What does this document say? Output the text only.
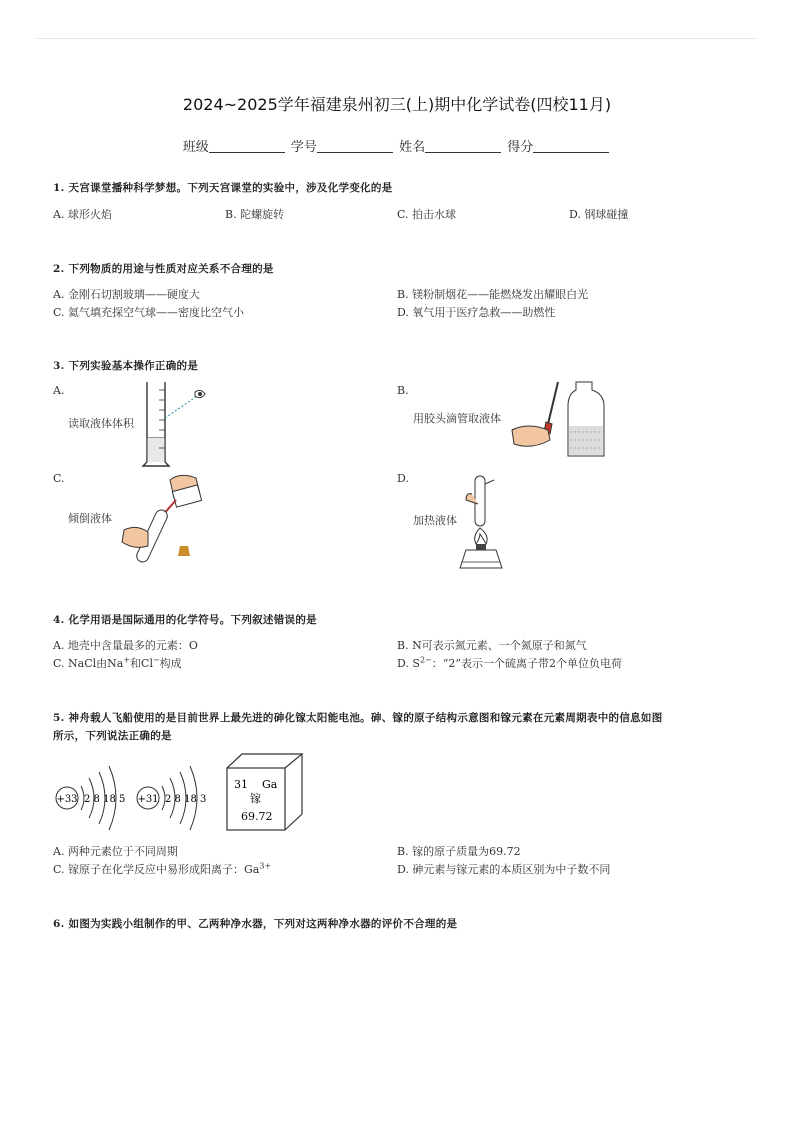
2024~2025学年福建泉州初三(上)期中化学试卷(四校11月)
班级	学号	姓名	得分
1. 天宫课堂播种科学梦想。下列天宫课堂的实验中，涉及化学变化的是
A. 球形火焰	B. 陀螺旋转	C. 拍击水球	D. 钢球碰撞
2. 下列物质的用途与性质对应关系不合理的是
A. 金刚石切割玻璃——硬度大	B. 镁粉制烟花——能燃烧发出耀眼白光
C. 氦气填充探空气球——密度比空气小	D. 氧气用于医疗急救——助燃性
3. 下列实验基本操作正确的是
A.	B.
C.	D.
读取液体体积	用胶头滴管取液体
倾倒液体	加热液体
4. 化学用语是国际通用的化学符号。下列叙述错误的是
A. 地壳中含量最多的元素：O	B. N可表示氮元素、一个氮原子和氮气
C. NaCl由Na+和Cl−构成	D. $S^{2-}$：“2”表示一个硫离子带2个单位负电荷
5. 神舟载人飞船使用的是目前世界上最先进的砷化镓太阳能电池。砷、镓的原子结构示意图和镓元素在元素周期表中的信息如图
所示，下列说法正确的是
+33 2 8 18 5 +31 2 8 18 3
31 Ga
镓
69.72
A. 两种元素位于不同周期	B. 镓的原子质量为69.72
C. 镓原子在化学反应中易形成阳离子：$Ga^{3+}$	D. 砷元素与镓元素的本质区别为中子数不同
6. 如图为实践小组制作的甲、乙两种净水器，下列对这两种净水器的评价不合理的是
